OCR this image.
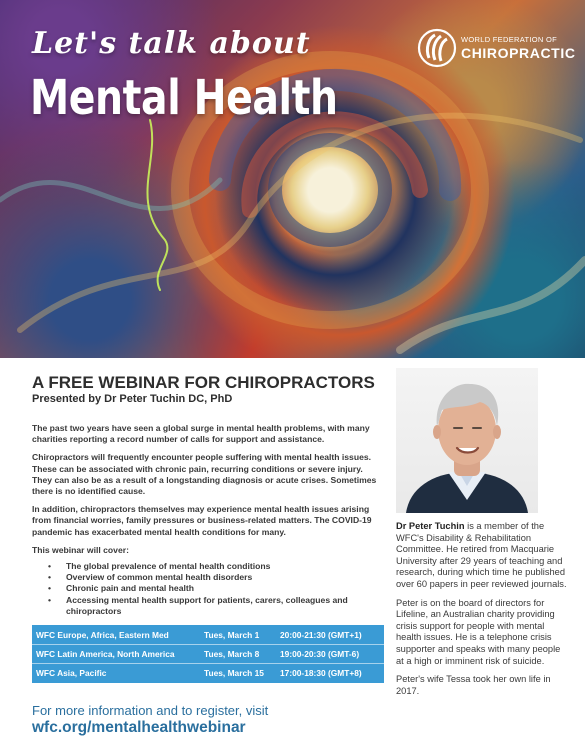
Let's talk about
Mental Health
WORLD FEDERATION OF
CHIROPRACTIC
A FREE WEBINAR FOR CHIROPRACTORS
Presented by Dr Peter Tuchin DC, PhD

The past two years have seen a global surge in mental health problems, with many charities reporting a record number of calls for support and assistance.

Chiropractors will frequently encounter people suffering with mental health issues. These can be associated with chronic pain, recurring conditions or severe injury. They can also be as a result of a longstanding diagnosis or acute crises. Sometimes there is no identified cause.

In addition, chiropractors themselves may experience mental health issues arising from financial worries, family pressures or business-related matters. The COVID-19 pandemic has exacerbated mental health conditions for many.

This webinar will cover:

• The global prevalence of mental health conditions
• Overview of common mental health disorders
• Chronic pain and mental health
• Accessing mental health support for patients, carers, colleagues and chiropractors
WFC Europe, Africa, Eastern Med	Tues, March 1 20:00-21:30 (GMT+1)
WFC Latin America, North America	Tues, March 8 19:00-20:30 (GMT-6)
WFC Asia, Pacific	Tues, March 15 17:00-18:30 (GMT+8)
For more information and to register, visit
wfc.org/mentalhealthwebinar

Dr Peter Tuchin is a member of the WFC's Disability & Rehabilitation Committee. He retired from Macquarie University after 29 years of teaching and research, during which time he published over 60 papers in peer reviewed journals.

Peter is on the board of directors for Lifeline, an Australian charity providing crisis support for people with mental health issues. He is a telephone crisis supporter and speaks with many people at a high or imminent risk of suicide.

Peter's wife Tessa took her own life in 2017.
